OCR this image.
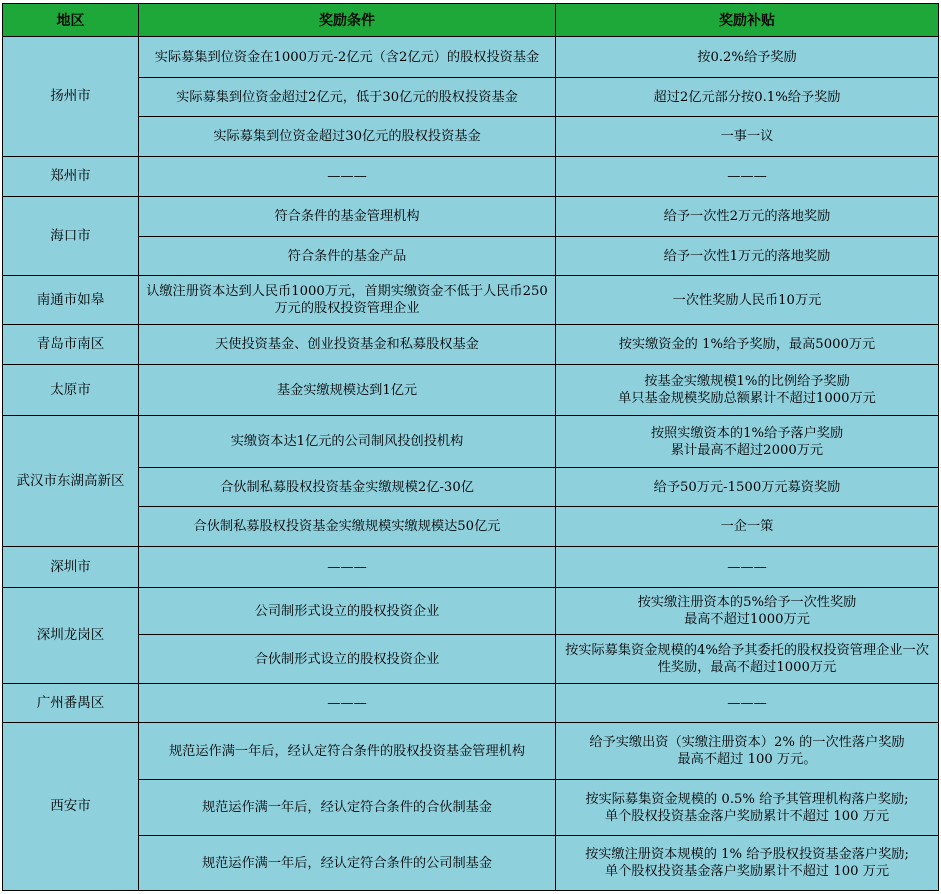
地区	奖励条件	奖励补贴
扬州市	实际募集到位资金在1000万元-2亿元（含2亿元）的股权投资基金	按0.2%给予奖励
	实际募集到位资金超过2亿元，低于30亿元的股权投资基金	超过2亿元部分按0.1%给予奖励
	实际募集到位资金超过30亿元的股权投资基金	一事一议
郑州市	———	———
海口市	符合条件的基金管理机构	给予一次性2万元的落地奖励
	符合条件的基金产品	给予一次性1万元的落地奖励
南通市如皋	认缴注册资本达到人民币1000万元，首期实缴资金不低于人民币250万元的股权投资管理企业	一次性奖励人民币10万元
青岛市南区	天使投资基金、创业投资基金和私募股权基金	按实缴资金的 1%给予奖励，最高5000万元
太原市	基金实缴规模达到1亿元	按基金实缴规模1%的比例给予奖励
单只基金规模奖励总额累计不超过1000万元

武汉市东湖高新区	实缴资本达1亿元的公司制风投创投机构	按照实缴资本的1%给予落户奖励
累计最高不超过2000万元

	合伙制私募股权投资基金实缴规模2亿-30亿	给予50万元-1500万元募资奖励
	合伙制私募股权投资基金实缴规模实缴规模达50亿元	一企一策
深圳市	———	———
深圳龙岗区	公司制形式设立的股权投资企业	按实缴注册资本的5%给予一次性奖励
最高不超过1000万元

	合伙制形式设立的股权投资企业	按实际募集资金规模的4%给予其委托的股权投资管理企业一次性奖励，最高不超过1000万元
广州番禺区	———	———
西安市	规范运作满一年后，经认定符合条件的股权投资基金管理机构	给予实缴出资（实缴注册资本）2% 的一次性落户奖励
最高不超过 100 万元。

	规范运作满一年后，经认定符合条件的合伙制基金	按实际募集资金规模的 0.5% 给予其管理机构落户奖励;
单个股权投资基金落户奖励累计不超过 100 万元

	规范运作满一年后，经认定符合条件的公司制基金	按实缴注册资本规模的 1% 给予股权投资基金落户奖励;
单个股权投资基金落户奖励累计不超过 100 万元
